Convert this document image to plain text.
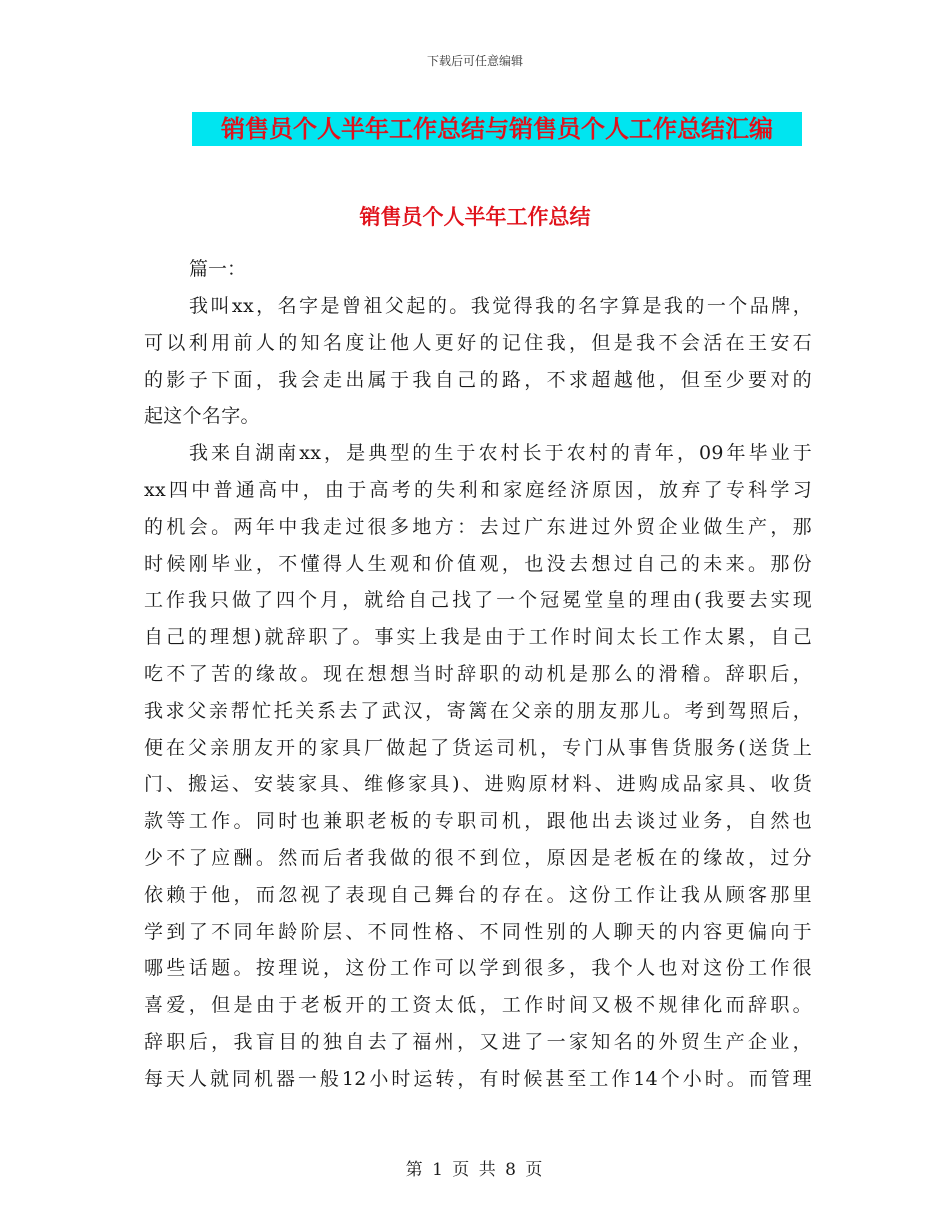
下载后可任意编辑
销售员个人半年工作总结与销售员个人工作总结汇编
销售员个人半年工作总结
篇一：

我叫xx，名字是曾祖父起的。我觉得我的名字算是我的一个品牌，
可以利用前人的知名度让他人更好的记住我，但是我不会活在王安石
的影子下面，我会走出属于我自己的路，不求超越他，但至少要对的
起这个名字。

我来自湖南xx，是典型的生于农村长于农村的青年，09年毕业于
xx四中普通高中，由于高考的失利和家庭经济原因，放弃了专科学习
的机会。两年中我走过很多地方：去过广东进过外贸企业做生产，那
时候刚毕业，不懂得人生观和价值观，也没去想过自己的未来。那份
工作我只做了四个月，就给自己找了一个冠冕堂皇的理由(我要去实现
自己的理想)就辞职了。事实上我是由于工作时间太长工作太累，自己
吃不了苦的缘故。现在想想当时辞职的动机是那么的滑稽。辞职后，
我求父亲帮忙托关系去了武汉，寄篱在父亲的朋友那儿。考到驾照后，
便在父亲朋友开的家具厂做起了货运司机，专门从事售货服务(送货上
门、搬运、安装家具、维修家具)、进购原材料、进购成品家具、收货
款等工作。同时也兼职老板的专职司机，跟他出去谈过业务，自然也
少不了应酬。然而后者我做的很不到位，原因是老板在的缘故，过分
依赖于他，而忽视了表现自己舞台的存在。这份工作让我从顾客那里
学到了不同年龄阶层、不同性格、不同性别的人聊天的内容更偏向于
哪些话题。按理说，这份工作可以学到很多，我个人也对这份工作很
喜爱，但是由于老板开的工资太低，工作时间又极不规律化而辞职。
辞职后，我盲目的独自去了福州，又进了一家知名的外贸生产企业，
每天人就同机器一般12小时运转，有时候甚至工作14个小时。而管理

第 1 页 共 8 页
